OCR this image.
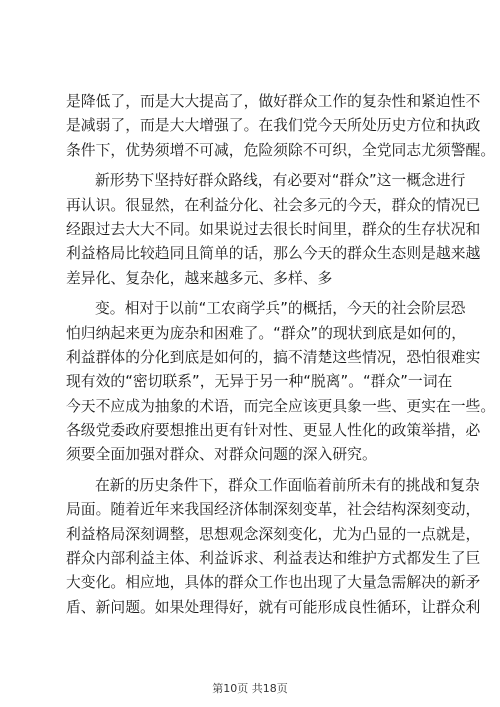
是降低了，而是大大提高了，做好群众工作的复杂性和紧迫性不
是减弱了，而是大大增强了。在我们党今天所处历史方位和执政
条件下，优势须增不可减，危险须除不可织，全党同志尤须警醒。
新形势下坚持好群众路线，有必要对“群众”这一概念进行
再认识。很显然，在利益分化、社会多元的今天，群众的情况已
经跟过去大大不同。如果说过去很长时间里，群众的生存状况和
利益格局比较趋同且简单的话，那么今天的群众生态则是越来越
差异化、复杂化，越来越多元、多样、多
变。相对于以前“工农商学兵”的概括，今天的社会阶层恐
怕归纳起来更为庞杂和困难了。“群众”的现状到底是如何的，
利益群体的分化到底是如何的，搞不清楚这些情况，恐怕很难实
现有效的“密切联系”，无异于另一种“脱离”。“群众”一词在
今天不应成为抽象的术语，而完全应该更具象一些、更实在一些。
各级党委政府要想推出更有针对性、更显人性化的政策举措，必
须要全面加强对群众、对群众问题的深入研究。
在新的历史条件下，群众工作面临着前所未有的挑战和复杂
局面。随着近年来我国经济体制深刻变革，社会结构深刻变动，
利益格局深刻调整，思想观念深刻变化，尤为凸显的一点就是，
群众内部利益主体、利益诉求、利益表达和维护方式都发生了巨
大变化。相应地，具体的群众工作也出现了大量急需解决的新矛
盾、新问题。如果处理得好，就有可能形成良性循环，让群众利
第10页 共18页
